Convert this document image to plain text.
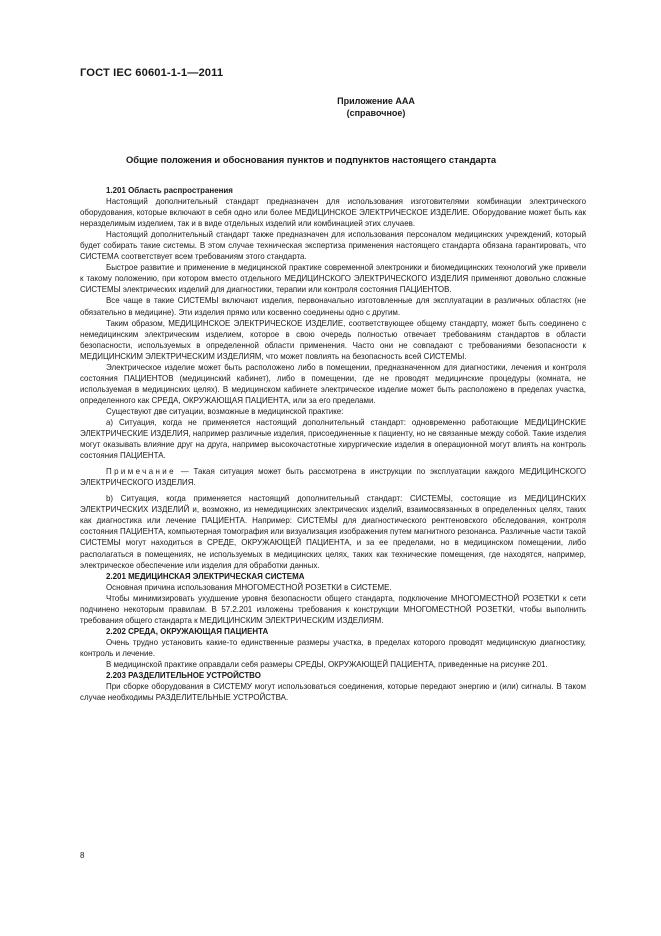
ГОСТ IEC 60601-1-1—2011
Приложение AAA
(справочное)
Общие положения и обоснования пунктов и подпунктов настоящего стандарта

1.201 Область распространения

Настоящий дополнительный стандарт предназначен для использования изготовителями комбинации электрического оборудования, которые включают в себя одно или более МЕДИЦИНСКОЕ ЭЛЕКТРИЧЕСКОЕ ИЗДЕЛИЕ. Оборудование может быть как неразделимым изделием, так и в виде отдельных изделий или комбинацией этих случаев.

Настоящий дополнительный стандарт также предназначен для использования персоналом медицинских учреждений, который будет собирать такие системы. В этом случае техническая экспертиза применения настоящего стандарта обязана гарантировать, что СИСТЕМА соответствует всем требованиям этого стандарта.

Быстрое развитие и применение в медицинской практике современной электроники и биомедицинских технологий уже привели к такому положению, при котором вместо отдельного МЕДИЦИНСКОГО ЭЛЕКТРИЧЕСКОГО ИЗДЕЛИЯ применяют довольно сложные СИСТЕМЫ электрических изделий для диагностики, терапии или контроля состояния ПАЦИЕНТОВ.

Все чаще в такие СИСТЕМЫ включают изделия, первоначально изготовленные для эксплуатации в различных областях (не обязательно в медицине). Эти изделия прямо или косвенно соединены одно с другим.

Таким образом, МЕДИЦИНСКОЕ ЭЛЕКТРИЧЕСКОЕ ИЗДЕЛИЕ, соответствующее общему стандарту, может быть соединено с немедицинским электрическим изделием, которое в свою очередь полностью отвечает требованиям стандартов в области безопасности, используемых в определенной области применения. Часто они не совпадают с требованиями безопасности к МЕДИЦИНСКИМ ЭЛЕКТРИЧЕСКИМ ИЗДЕЛИЯМ, что может повлиять на безопасность всей СИСТЕМЫ.

Электрическое изделие может быть расположено либо в помещении, предназначенном для диагностики, лечения и контроля состояния ПАЦИЕНТОВ (медицинский кабинет), либо в помещении, где не проводят медицинские процедуры (комната, не используемая в медицинских целях). В медицинском кабинете электрическое изделие может быть расположено в пределах участка, определенного как СРЕДА, ОКРУЖАЮЩАЯ ПАЦИЕНТА, или за его пределами.

Существуют две ситуации, возможные в медицинской практике:

а) Ситуация, когда не применяется настоящий дополнительный стандарт: одновременно работающие МЕДИЦИНСКИЕ ЭЛЕКТРИЧЕСКИЕ ИЗДЕЛИЯ, например различные изделия, присоединенные к пациенту, но не связанные между собой. Такие изделия могут оказывать влияние друг на друга, например высокочастотные хирургические изделия в операционной могут влиять на контроль состояния ПАЦИЕНТА.

Примечание — Такая ситуация может быть рассмотрена в инструкции по эксплуатации каждого МЕДИЦИНСКОГО ЭЛЕКТРИЧЕСКОГО ИЗДЕЛИЯ.

b) Ситуация, когда применяется настоящий дополнительный стандарт: СИСТЕМЫ, состоящие из МЕДИЦИНСКИХ ЭЛЕКТРИЧЕСКИХ ИЗДЕЛИЙ и, возможно, из немедицинских электрических изделий, взаимосвязанных в определенных целях, таких как диагностика или лечение ПАЦИЕНТА. Например: СИСТЕМЫ для диагностического рентгеновского обследования, контроля состояния ПАЦИЕНТА, компьютерная томография или визуализация изображения путем магнитного резонанса. Различные части такой СИСТЕМЫ могут находиться в СРЕДЕ, ОКРУЖАЮЩЕЙ ПАЦИЕНТА, и за ее пределами, но в медицинском помещении, либо располагаться в помещениях, не используемых в медицинских целях, таких как технические помещения, где находятся, например, электрическое обеспечение или изделия для обработки данных.

2.201 МЕДИЦИНСКАЯ ЭЛЕКТРИЧЕСКАЯ СИСТЕМА

Основная причина использования МНОГОМЕСТНОЙ РОЗЕТКИ в СИСТЕМЕ.

Чтобы минимизировать ухудшение уровня безопасности общего стандарта, подключение МНОГОМЕСТНОЙ РОЗЕТКИ к сети подчинено некоторым правилам. В 57.2.201 изложены требования к конструкции МНОГОМЕСТНОЙ РОЗЕТКИ, чтобы выполнить требования общего стандарта к МЕДИЦИНСКИМ ЭЛЕКТРИЧЕСКИМ ИЗДЕЛИЯМ.

2.202 СРЕДА, ОКРУЖАЮЩАЯ ПАЦИЕНТА

Очень трудно установить какие-то единственные размеры участка, в пределах которого проводят медицинскую диагностику, контроль и лечение.

В медицинской практике оправдали себя размеры СРЕДЫ, ОКРУЖАЮЩЕЙ ПАЦИЕНТА, приведенные на рисунке 201.

2.203 РАЗДЕЛИТЕЛЬНОЕ УСТРОЙСТВО

При сборке оборудования в СИСТЕМУ могут использоваться соединения, которые передают энергию и (или) сигналы. В таком случае необходимы РАЗДЕЛИТЕЛЬНЫЕ УСТРОЙСТВА.

8
